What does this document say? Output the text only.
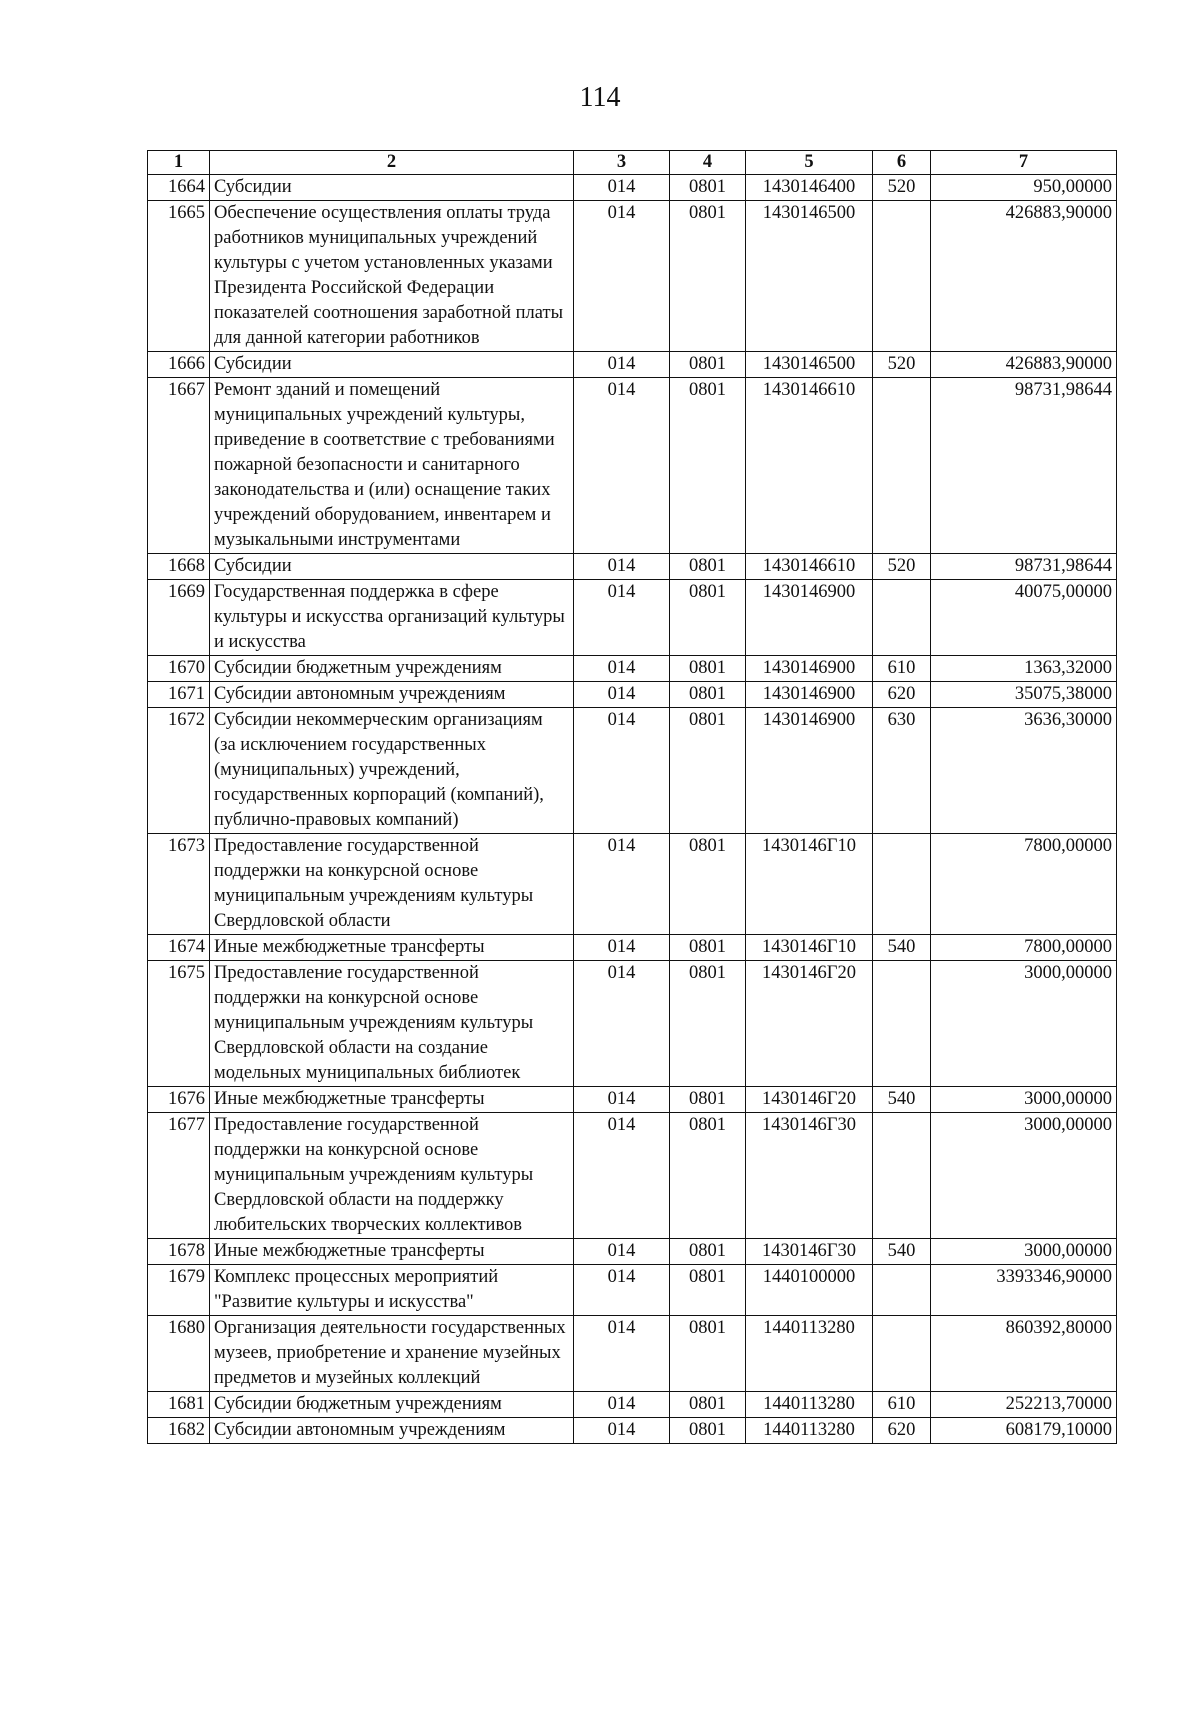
114
1	2	3	4	5	6	7
1664	Субсидии	014	0801	1430146400	520	950,00000
1665	Обеспечение осуществления оплаты труда работников муниципальных учреждений культуры с учетом установленных указами Президента Российской Федерации показателей соотношения заработной платы для данной категории работников	014	0801	1430146500		426883,90000
1666	Субсидии	014	0801	1430146500	520	426883,90000
1667	Ремонт зданий и помещений муниципальных учреждений культуры, приведение в соответствие с требованиями пожарной безопасности и санитарного законодательства и (или) оснащение таких учреждений оборудованием, инвентарем и музыкальными инструментами	014	0801	1430146610		98731,98644
1668	Субсидии	014	0801	1430146610	520	98731,98644
1669	Государственная поддержка в сфере культуры и искусства организаций культуры и искусства	014	0801	1430146900		40075,00000
1670	Субсидии бюджетным учреждениям	014	0801	1430146900	610	1363,32000
1671	Субсидии автономным учреждениям	014	0801	1430146900	620	35075,38000
1672	Субсидии некоммерческим организациям (за исключением государственных (муниципальных) учреждений, государственных корпораций (компаний), публично-правовых компаний)	014	0801	1430146900	630	3636,30000
1673	Предоставление государственной поддержки на конкурсной основе муниципальным учреждениям культуры Свердловской области	014	0801	1430146Г10		7800,00000
1674	Иные межбюджетные трансферты	014	0801	1430146Г10	540	7800,00000
1675	Предоставление государственной поддержки на конкурсной основе муниципальным учреждениям культуры Свердловской области на создание модельных муниципальных библиотек	014	0801	1430146Г20		3000,00000
1676	Иные межбюджетные трансферты	014	0801	1430146Г20	540	3000,00000
1677	Предоставление государственной поддержки на конкурсной основе муниципальным учреждениям культуры Свердловской области на поддержку любительских творческих коллективов	014	0801	1430146Г30		3000,00000
1678	Иные межбюджетные трансферты	014	0801	1430146Г30	540	3000,00000
1679	Комплекс процессных мероприятий "Развитие культуры и искусства"	014	0801	1440100000		3393346,90000
1680	Организация деятельности государственных музеев, приобретение и хранение музейных предметов и музейных коллекций	014	0801	1440113280		860392,80000
1681	Субсидии бюджетным учреждениям	014	0801	1440113280	610	252213,70000
1682	Субсидии автономным учреждениям	014	0801	1440113280	620	608179,10000
